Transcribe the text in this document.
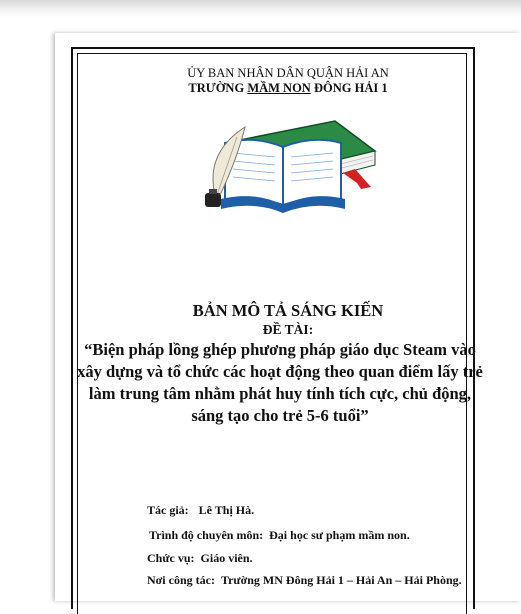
ỦY BAN NHÂN DÂN QUẬN HẢI AN
TRƯỜNG MẦM NON ĐÔNG HẢI 1
BẢN MÔ TẢ SÁNG KIẾN
ĐỀ TÀI:
“Biện pháp lồng ghép phương pháp giáo dục Steam vào
xây dựng và tổ chức các hoạt động theo quan điểm lấy trẻ
làm trung tâm nhằm phát huy tính tích cực, chủ động,
sáng tạo cho trẻ 5-6 tuổi”
Tác giả: Lê Thị Hà.
Trình độ chuyên môn: Đại học sư phạm mầm non.
Chức vụ: Giáo viên.
Nơi công tác: Trường MN Đông Hải 1 – Hải An – Hải Phòng.
